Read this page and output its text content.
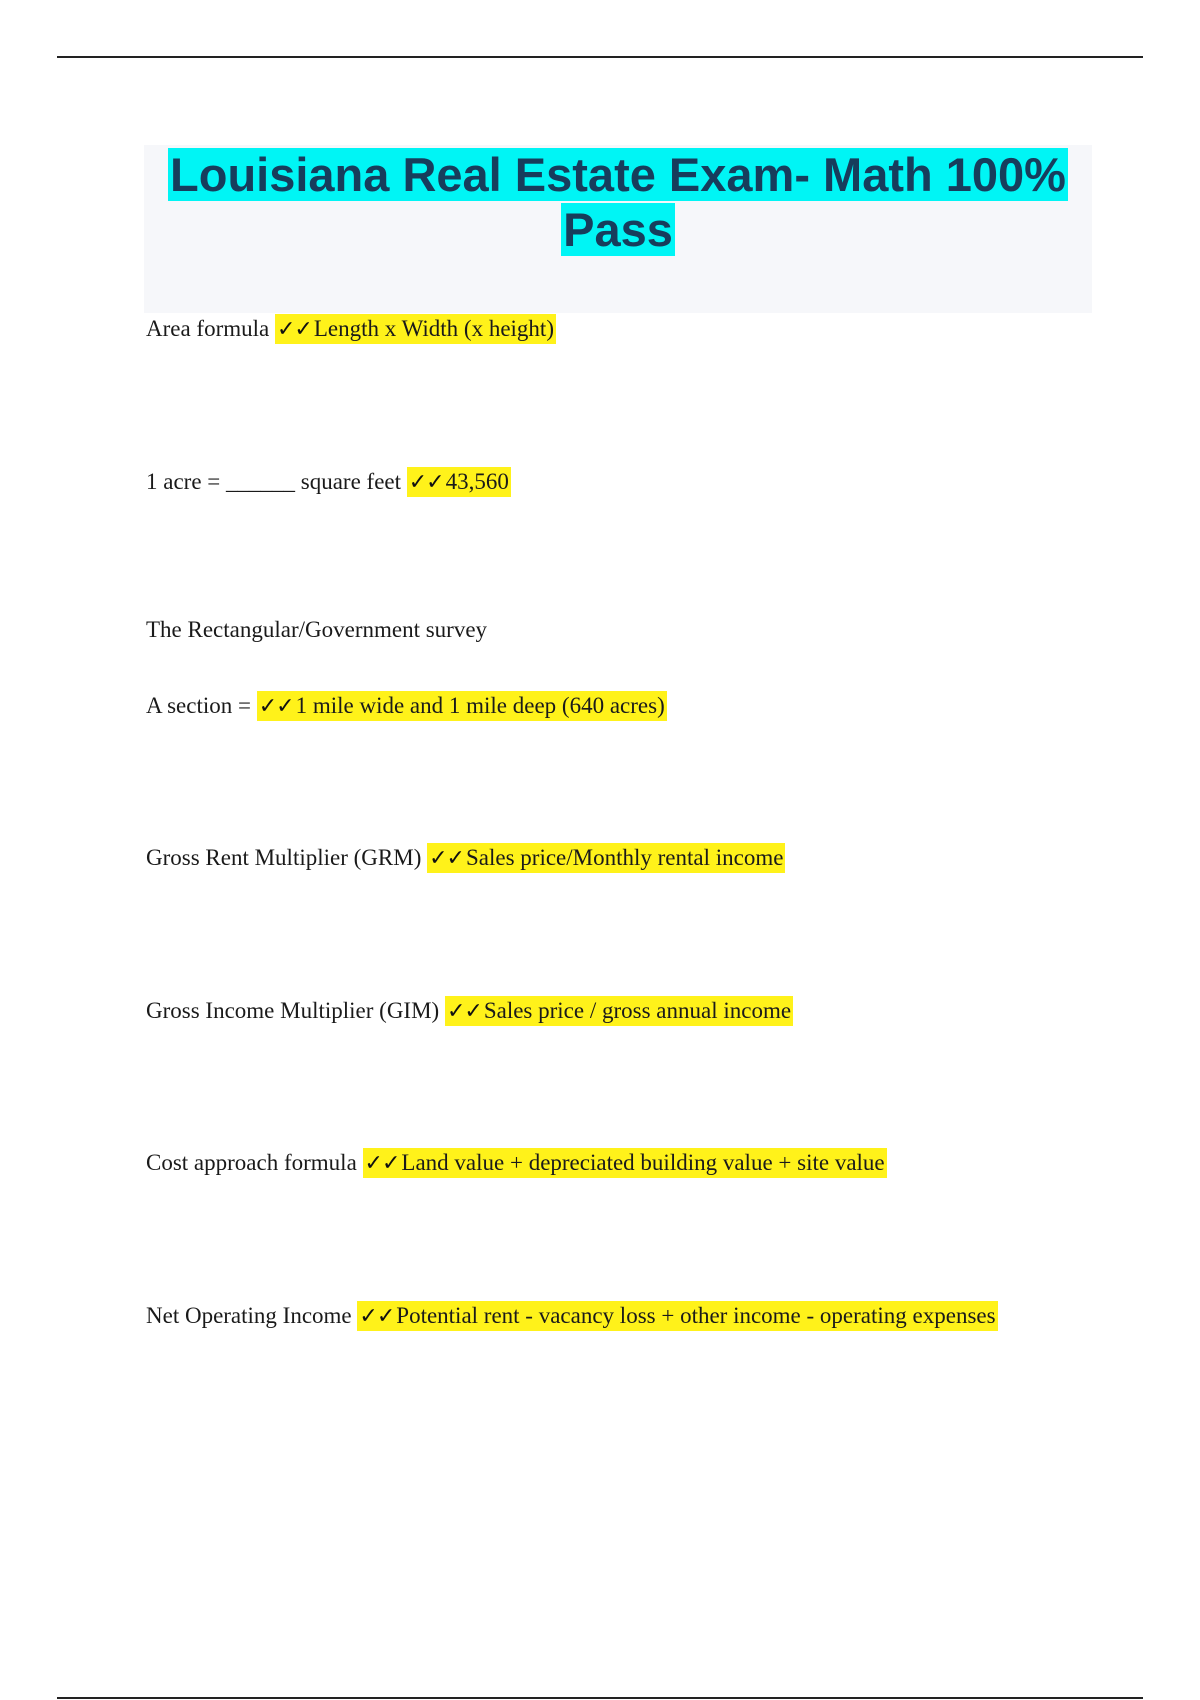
Louisiana Real Estate Exam- Math 100%
Pass
Area formula ✓✓Length x Width (x height)
1 acre = ______ square feet ✓✓43,560
The Rectangular/Government survey
A section = ✓✓1 mile wide and 1 mile deep (640 acres)
Gross Rent Multiplier (GRM) ✓✓Sales price/Monthly rental income
Gross Income Multiplier (GIM) ✓✓Sales price / gross annual income
Cost approach formula ✓✓Land value + depreciated building value + site value
Net Operating Income ✓✓Potential rent - vacancy loss + other income - operating expenses
